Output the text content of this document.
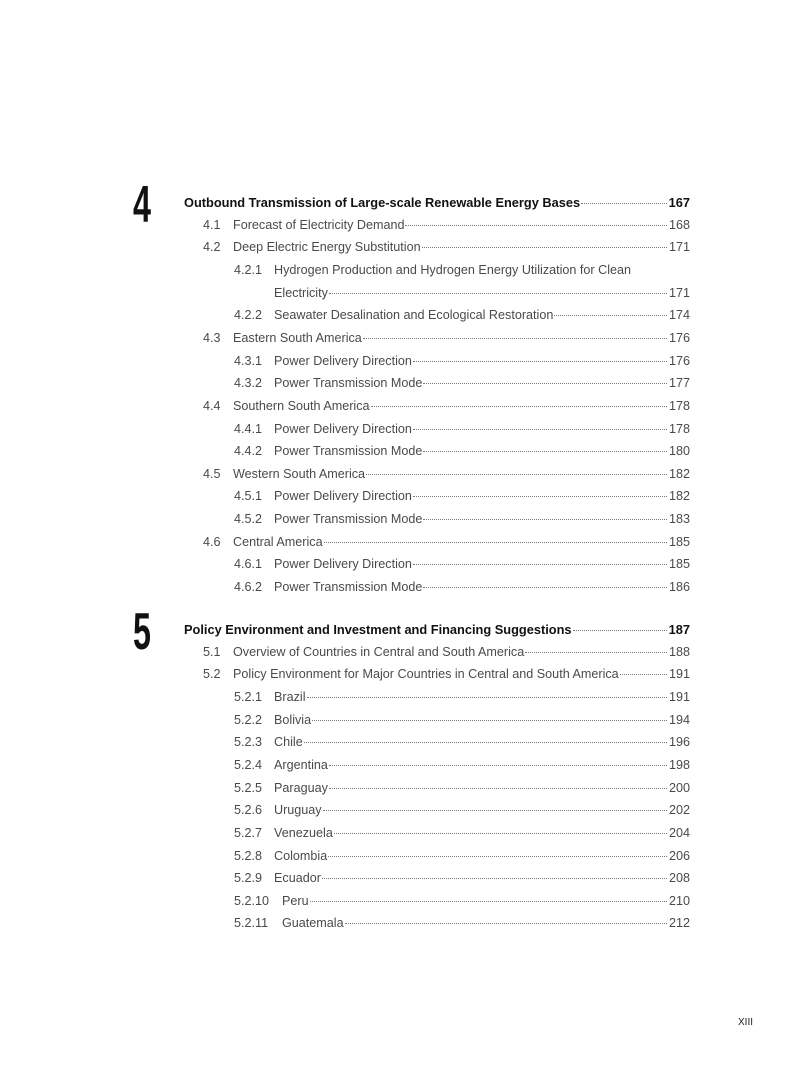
4	Outbound Transmission of Large-scale Renewable Energy Bases	167
4.1 Forecast of Electricity Demand	168
4.2 Deep Electric Energy Substitution	171
4.2.1 Hydrogen Production and Hydrogen Energy Utilization for Clean
Electricity	171
4.2.2 Seawater Desalination and Ecological Restoration	174
4.3 Eastern South America	176
4.3.1 Power Delivery Direction	176
4.3.2 Power Transmission Mode	177
4.4 Southern South America	178
4.4.1 Power Delivery Direction	178
4.4.2 Power Transmission Mode	180
4.5 Western South America	182
4.5.1 Power Delivery Direction	182
4.5.2 Power Transmission Mode	183
4.6 Central America	185
4.6.1 Power Delivery Direction	185
4.6.2 Power Transmission Mode	186
5	Policy Environment and Investment and Financing Suggestions	187
5.1 Overview of Countries in Central and South America	188
5.2 Policy Environment for Major Countries in Central and South America	191
5.2.1 Brazil	191
5.2.2 Bolivia	194
5.2.3 Chile	196
5.2.4 Argentina	198
5.2.5 Paraguay	200
5.2.6 Uruguay	202
5.2.7 Venezuela	204
5.2.8 Colombia	206
5.2.9 Ecuador	208
5.2.10	Peru	210
5.2.11	Guatemala	212
XIII
